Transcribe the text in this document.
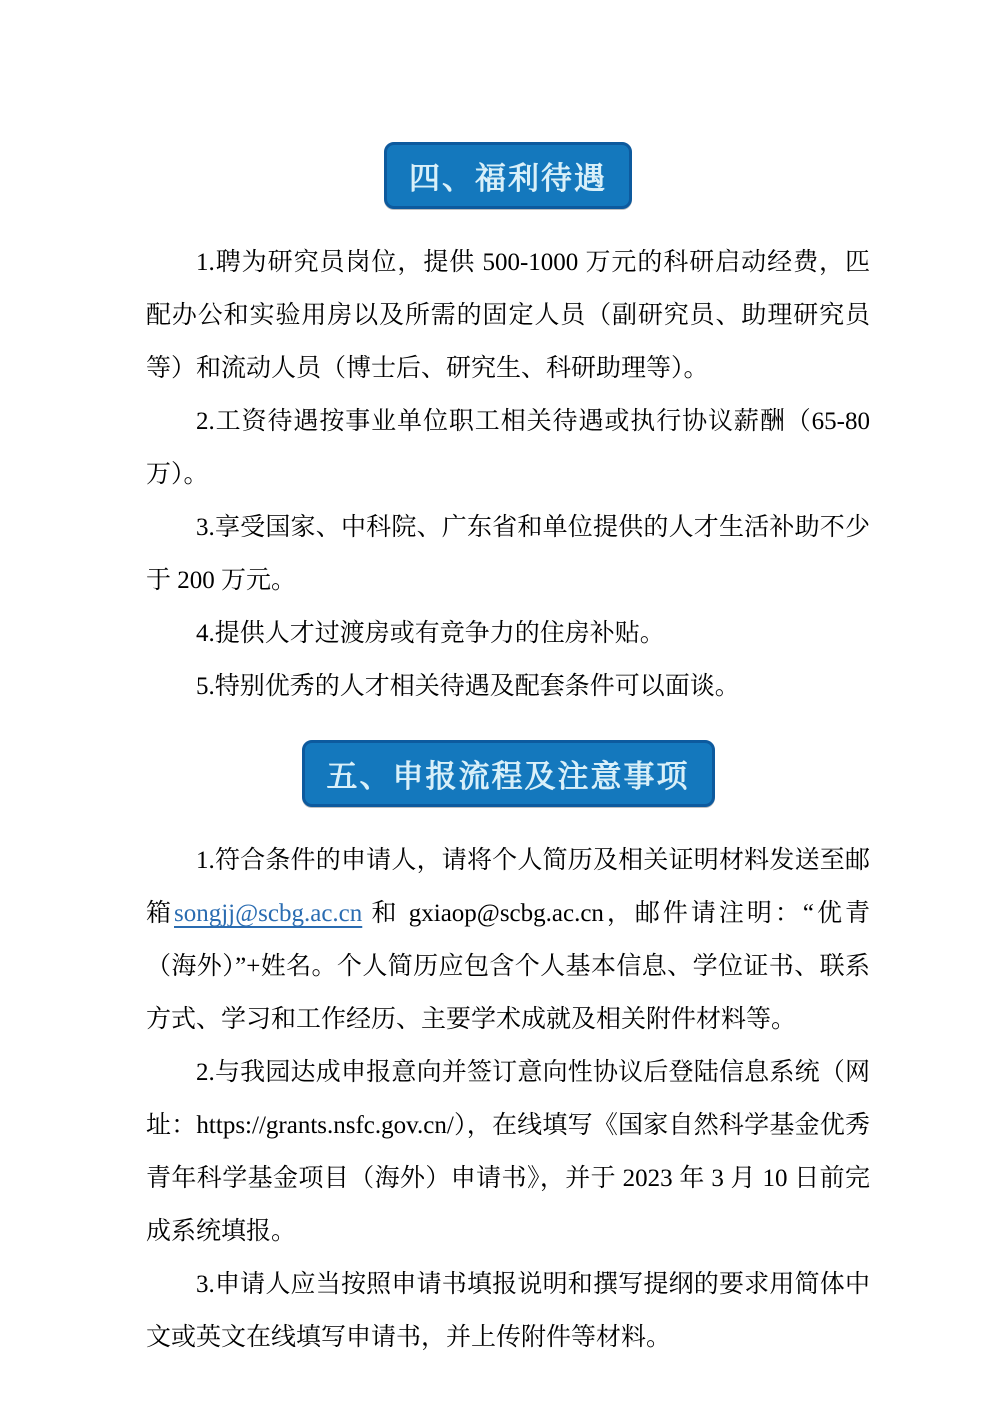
四、福利待遇

1.聘为研究员岗位，提供 500-1000 万元的科研启动经费，匹配办公和实验用房以及所需的固定人员（副研究员、助理研究员等）和流动人员（博士后、研究生、科研助理等）。

2.工资待遇按事业单位职工相关待遇或执行协议薪酬（65-80 万）。

3.享受国家、中科院、广东省和单位提供的人才生活补助不少于 200 万元。

4.提供人才过渡房或有竞争力的住房补贴。

5.特别优秀的人才相关待遇及配套条件可以面谈。

五、申报流程及注意事项

1.符合条件的申请人，请将个人简历及相关证明材料发送至邮箱songjj@scbg.ac.cn 和 gxiaop@scbg.ac.cn，邮件请注明：“优青（海外）”+姓名。个人简历应包含个人基本信息、学位证书、联系方式、学习和工作经历、主要学术成就及相关附件材料等。

2.与我园达成申报意向并签订意向性协议后登陆信息系统（网址：https://grants.nsfc.gov.cn/），在线填写《国家自然科学基金优秀青年科学基金项目（海外）申请书》，并于 2023 年 3 月 10 日前完成系统填报。

3.申请人应当按照申请书填报说明和撰写提纲的要求用简体中文或英文在线填写申请书，并上传附件等材料。
